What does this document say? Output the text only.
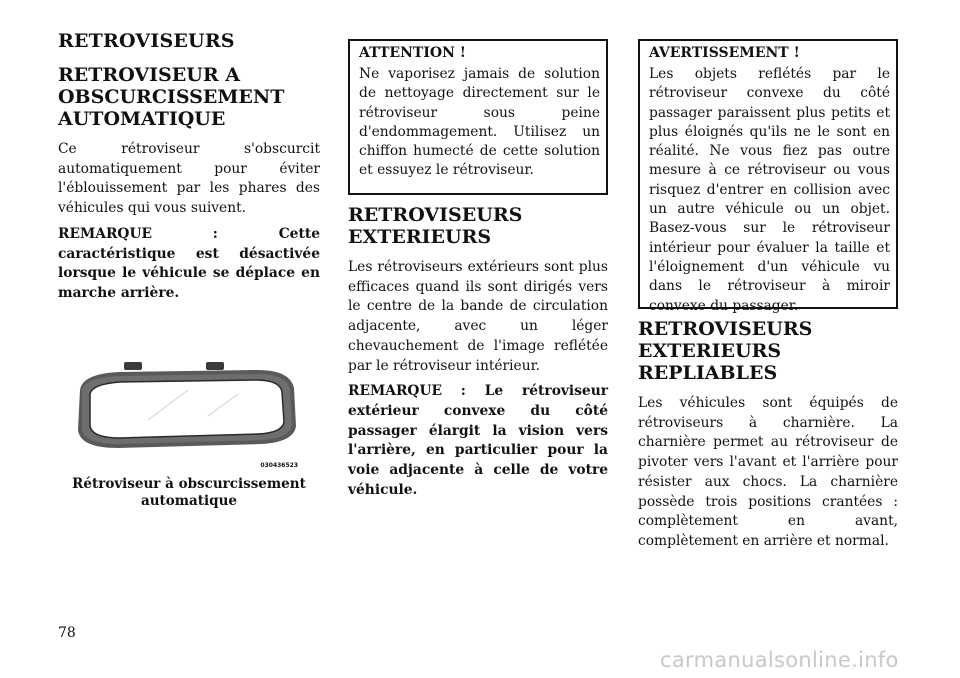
RETROVISEURS
RETROVISEUR A
OBSCURCISSEMENT
AUTOMATIQUE

Ce rétroviseur s'obscurcit automatiquement pour éviter l'éblouissement par les phares des véhicules qui vous suivent.

REMARQUE : Cette caractéristique est désactivée lorsque le véhicule se déplace en marche arrière.

030436523
Rétroviseur à obscurcissement
automatique
ATTENTION !

Ne vaporisez jamais de solution de nettoyage directement sur le rétroviseur sous peine d'endommagement. Utilisez un chiffon humecté de cette solution et essuyez le rétroviseur.

RETROVISEURS
EXTERIEURS

Les rétroviseurs extérieurs sont plus efficaces quand ils sont dirigés vers le centre de la bande de circulation adjacente, avec un léger chevauchement de l'image reflétée par le rétroviseur intérieur.

REMARQUE : Le rétroviseur extérieur convexe du côté passager élargit la vision vers l'arrière, en particulier pour la voie adjacente à celle de votre véhicule.

AVERTISSEMENT !

Les objets reflétés par le rétroviseur convexe du côté passager paraissent plus petits et plus éloignés qu'ils ne le sont en réalité. Ne vous fiez pas outre mesure à ce rétroviseur ou vous risquez d'entrer en collision avec un autre véhicule ou un objet. Basez-vous sur le rétroviseur intérieur pour évaluer la taille et l'éloignement d'un véhicule vu dans le rétroviseur à miroir convexe du passager.

RETROVISEURS
EXTERIEURS
REPLIABLES

Les véhicules sont équipés de rétroviseurs à charnière. La charnière permet au rétroviseur de pivoter vers l'avant et l'arrière pour résister aux chocs. La charnière possède trois positions crantées : complètement en avant, complètement en arrière et normal.

78
carmanualsonline.info
